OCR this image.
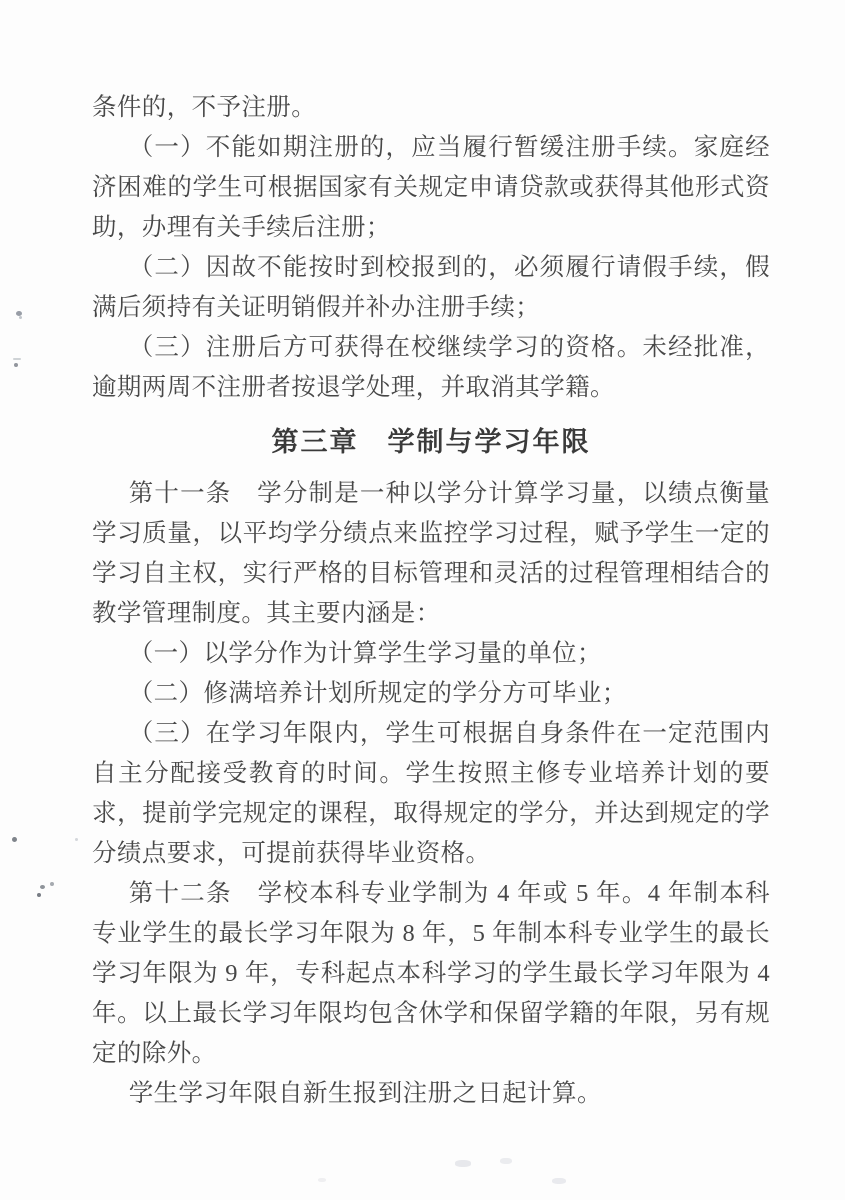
条件的，不予注册。

（一）不能如期注册的，应当履行暂缓注册手续。家庭经济困难的学生可根据国家有关规定申请贷款或获得其他形式资助，办理有关手续后注册；

（二）因故不能按时到校报到的，必须履行请假手续，假满后须持有关证明销假并补办注册手续；

（三）注册后方可获得在校继续学习的资格。未经批准，逾期两周不注册者按退学处理，并取消其学籍。

第三章　学制与学习年限

第十一条　学分制是一种以学分计算学习量，以绩点衡量学习质量，以平均学分绩点来监控学习过程，赋予学生一定的学习自主权，实行严格的目标管理和灵活的过程管理相结合的教学管理制度。其主要内涵是：

（一）以学分作为计算学生学习量的单位；

（二）修满培养计划所规定的学分方可毕业；

（三）在学习年限内，学生可根据自身条件在一定范围内自主分配接受教育的时间。学生按照主修专业培养计划的要求，提前学完规定的课程，取得规定的学分，并达到规定的学分绩点要求，可提前获得毕业资格。

第十二条　学校本科专业学制为 4 年或 5 年。4 年制本科专业学生的最长学习年限为 8 年，5 年制本科专业学生的最长学习年限为 9 年，专科起点本科学习的学生最长学习年限为 4 年。以上最长学习年限均包含休学和保留学籍的年限，另有规定的除外。

学生学习年限自新生报到注册之日起计算。
